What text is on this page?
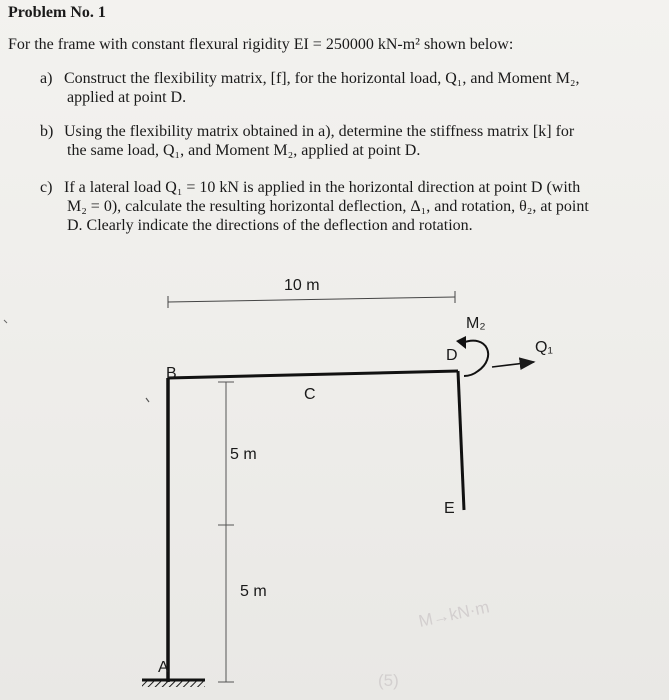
Problem No. 1
For the frame with constant flexural rigidity EI = 250000 kN-m² shown below:
a) Construct the flexibility matrix, [f], for the horizontal load, Q₁, and Moment M₂,
applied at point D.
b) Using the flexibility matrix obtained in a), determine the stiffness matrix [k] for
the same load, Q₁, and Moment M₂, applied at point D.
c) If a lateral load Q₁ = 10 kN is applied in the horizontal direction at point D (with
M₂ = 0), calculate the resulting horizontal deflection, Δ₁, and rotation, θ₂, at point
D. Clearly indicate the directions of the deflection and rotation.
10 m
5 m
5 m
B
C
D
E
A
M₂
Q₁
M→kN·m
(5)
